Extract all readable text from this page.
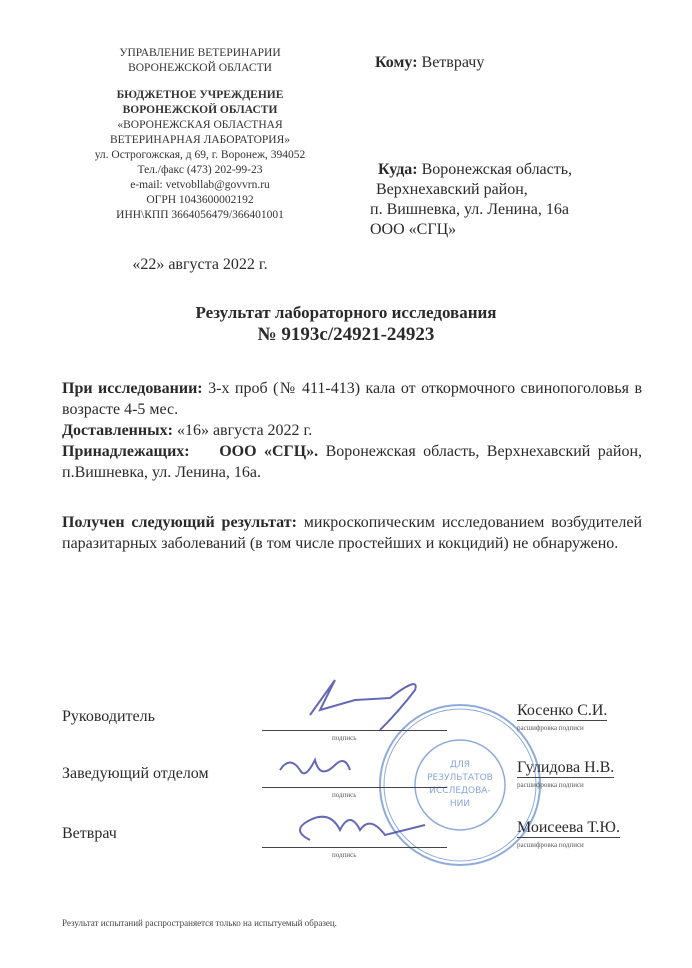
УПРАВЛЕНИЕ ВЕТЕРИНАРИИ
ВОРОНЕЖСКОЙ ОБЛАСТИ
БЮДЖЕТНОЕ УЧРЕЖДЕНИЕ
ВОРОНЕЖСКОЙ ОБЛАСТИ
«ВОРОНЕЖСКАЯ ОБЛАСТНАЯ
ВЕТЕРИНАРНАЯ ЛАБОРАТОРИЯ»
ул. Острогожская, д 69, г. Воронеж, 394052
Тел./факс (473) 202-99-23
e-mail: vetvobllab@govvrn.ru
ОГРН 1043600002192
ИНН\КПП 3664056479/366401001
«22» августа 2022 г.
Кому: Ветврачу
Куда: Воронежская область,
Верхнехавский район,
п. Вишневка, ул. Ленина, 16а
ООО «СГЦ»
Результат лабораторного исследования
№ 9193с/24921-24923
При исследовании: 3-х проб (№ 411-413) кала от откормочного свинопоголовья в возрасте 4-5 мес.
Доставленных: «16» августа 2022 г.
Принадлежащих: ООО «СГЦ». Воронежская область, Верхнехавский район, п.Вишневка, ул. Ленина, 16а.
Получен следующий результат: микроскопическим исследованием возбудителей паразитарных заболеваний (в том числе простейших и кокцидий) не обнаружено.
ДЛЯ
РЕЗУЛЬТАТОВ
ИССЛЕДОВА-
НИИ
Руководитель
подпись
Косенко С.И.
расшифровка подписи
Заведующий отделом
подпись
Гулидова Н.В.
расшифровка подписи
Ветврач
подпись
Моисеева Т.Ю.
расшифровка подписи
Результат испытаний распространяется только на испытуемый образец.
